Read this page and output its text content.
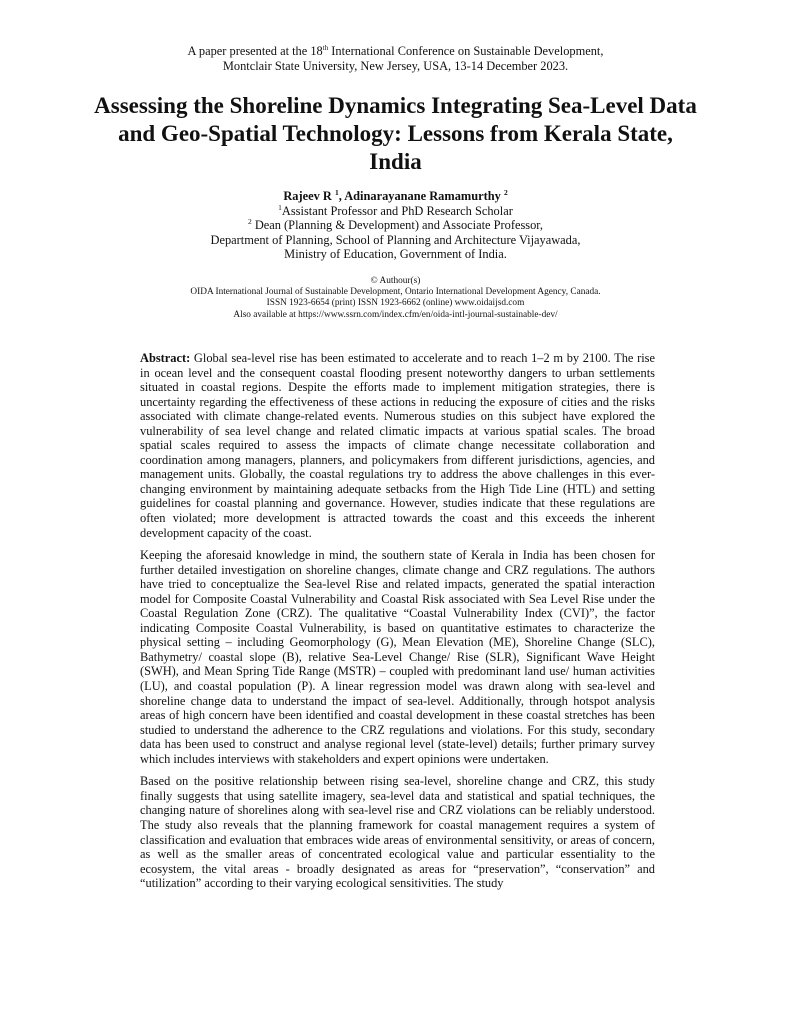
A paper presented at the 18th International Conference on Sustainable Development,
Montclair State University, New Jersey, USA, 13-14 December 2023.
Assessing the Shoreline Dynamics Integrating Sea-Level Data and Geo-Spatial Technology: Lessons from Kerala State, India
Rajeev R $^1$, Adinarayanane Ramamurthy $^2$
$^1$Assistant Professor and PhD Research Scholar
$^2$ Dean (Planning & Development) and Associate Professor,
Department of Planning, School of Planning and Architecture Vijayawada,
Ministry of Education, Government of India.
© Authour(s)
OIDA International Journal of Sustainable Development, Ontario International Development Agency, Canada.
ISSN 1923-6654 (print) ISSN 1923-6662 (online) www.oidaijsd.com
Also available at https://www.ssrn.com/index.cfm/en/oida-intl-journal-sustainable-dev/

Abstract: Global sea-level rise has been estimated to accelerate and to reach 1–2 m by 2100. The rise in ocean level and the consequent coastal flooding present noteworthy dangers to urban settlements situated in coastal regions. Despite the efforts made to implement mitigation strategies, there is uncertainty regarding the effectiveness of these actions in reducing the exposure of cities and the risks associated with climate change-related events. Numerous studies on this subject have explored the vulnerability of sea level change and related climatic impacts at various spatial scales. The broad spatial scales required to assess the impacts of climate change necessitate collaboration and coordination among managers, planners, and policymakers from different jurisdictions, agencies, and management units. Globally, the coastal regulations try to address the above challenges in this ever-changing environment by maintaining adequate setbacks from the High Tide Line (HTL) and setting guidelines for coastal planning and governance. However, studies indicate that these regulations are often violated; more development is attracted towards the coast and this exceeds the inherent development capacity of the coast.

Keeping the aforesaid knowledge in mind, the southern state of Kerala in India has been chosen for further detailed investigation on shoreline changes, climate change and CRZ regulations. The authors have tried to conceptualize the Sea-level Rise and related impacts, generated the spatial interaction model for Composite Coastal Vulnerability and Coastal Risk associated with Sea Level Rise under the Coastal Regulation Zone (CRZ). The qualitative “Coastal Vulnerability Index (CVI)”, the factor indicating Composite Coastal Vulnerability, is based on quantitative estimates to characterize the physical setting – including Geomorphology (G), Mean Elevation (ME), Shoreline Change (SLC), Bathymetry/ coastal slope (B), relative Sea-Level Change/ Rise (SLR), Significant Wave Height (SWH), and Mean Spring Tide Range (MSTR) – coupled with predominant land use/ human activities (LU), and coastal population (P). A linear regression model was drawn along with sea-level and shoreline change data to understand the impact of sea-level. Additionally, through hotspot analysis areas of high concern have been identified and coastal development in these coastal stretches has been studied to understand the adherence to the CRZ regulations and violations. For this study, secondary data has been used to construct and analyse regional level (state-level) details; further primary survey which includes interviews with stakeholders and expert opinions were undertaken.

Based on the positive relationship between rising sea-level, shoreline change and CRZ, this study finally suggests that using satellite imagery, sea-level data and statistical and spatial techniques, the changing nature of shorelines along with sea-level rise and CRZ violations can be reliably understood. The study also reveals that the planning framework for coastal management requires a system of classification and evaluation that embraces wide areas of environmental sensitivity, or areas of concern, as well as the smaller areas of concentrated ecological value and particular essentiality to the ecosystem, the vital areas - broadly designated as areas for “preservation”, “conservation” and “utilization” according to their varying ecological sensitivities. The study
